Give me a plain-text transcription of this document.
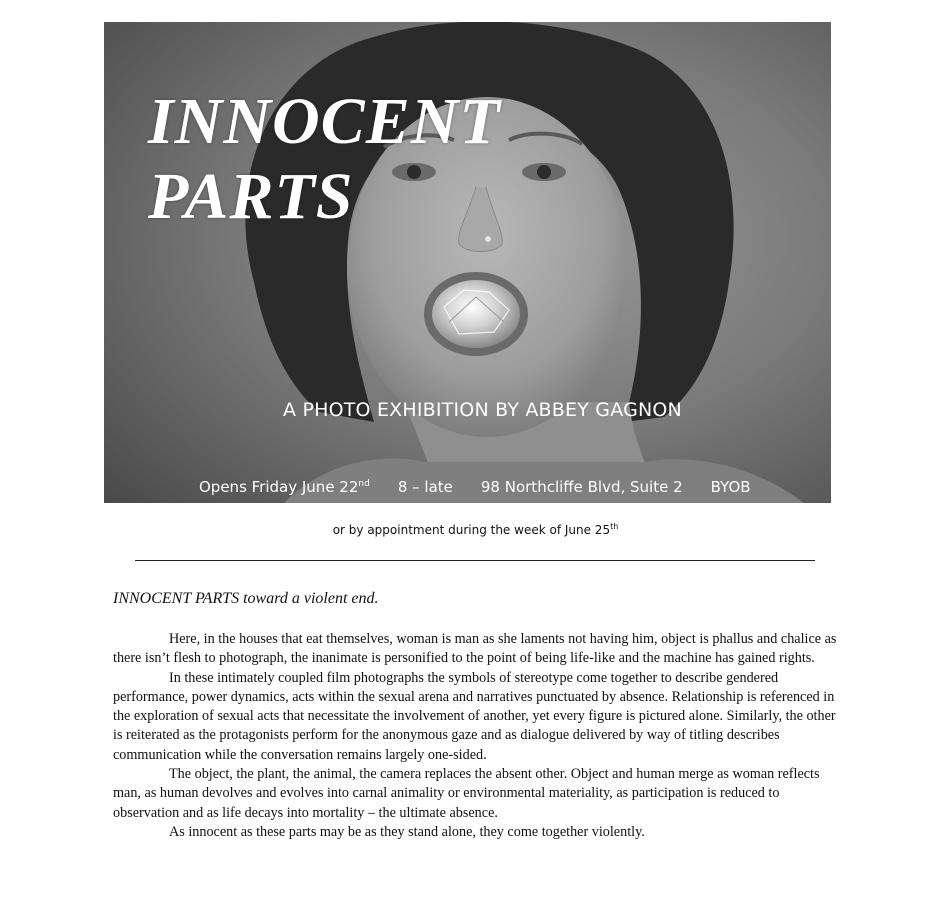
INNOCENT
PARTS
A PHOTO EXHIBITION BY ABBEY GAGNON
Opens Friday June 22nd 8 – late 98 Northcliffe Blvd, Suite 2 BYOB
or by appointment during the week of June 25th
INNOCENT PARTS toward a violent end.

Here, in the houses that eat themselves, woman is man as she laments not having him, object is phallus and chalice as there isn’t flesh to photograph, the inanimate is personified to the point of being life-like and the machine has gained rights.

In these intimately coupled film photographs the symbols of stereotype come together to describe gendered performance, power dynamics, acts within the sexual arena and narratives punctuated by absence. Relationship is referenced in the exploration of sexual acts that necessitate the involvement of another, yet every figure is pictured alone. Similarly, the other is reiterated as the protagonists perform for the anonymous gaze and as dialogue delivered by way of titling describes communication while the conversation remains largely one-sided.

The object, the plant, the animal, the camera replaces the absent other. Object and human merge as woman reflects man, as human devolves and evolves into carnal animality or environmental materiality, as participation is reduced to observation and as life decays into mortality – the ultimate absence.

As innocent as these parts may be as they stand alone, they come together violently.
